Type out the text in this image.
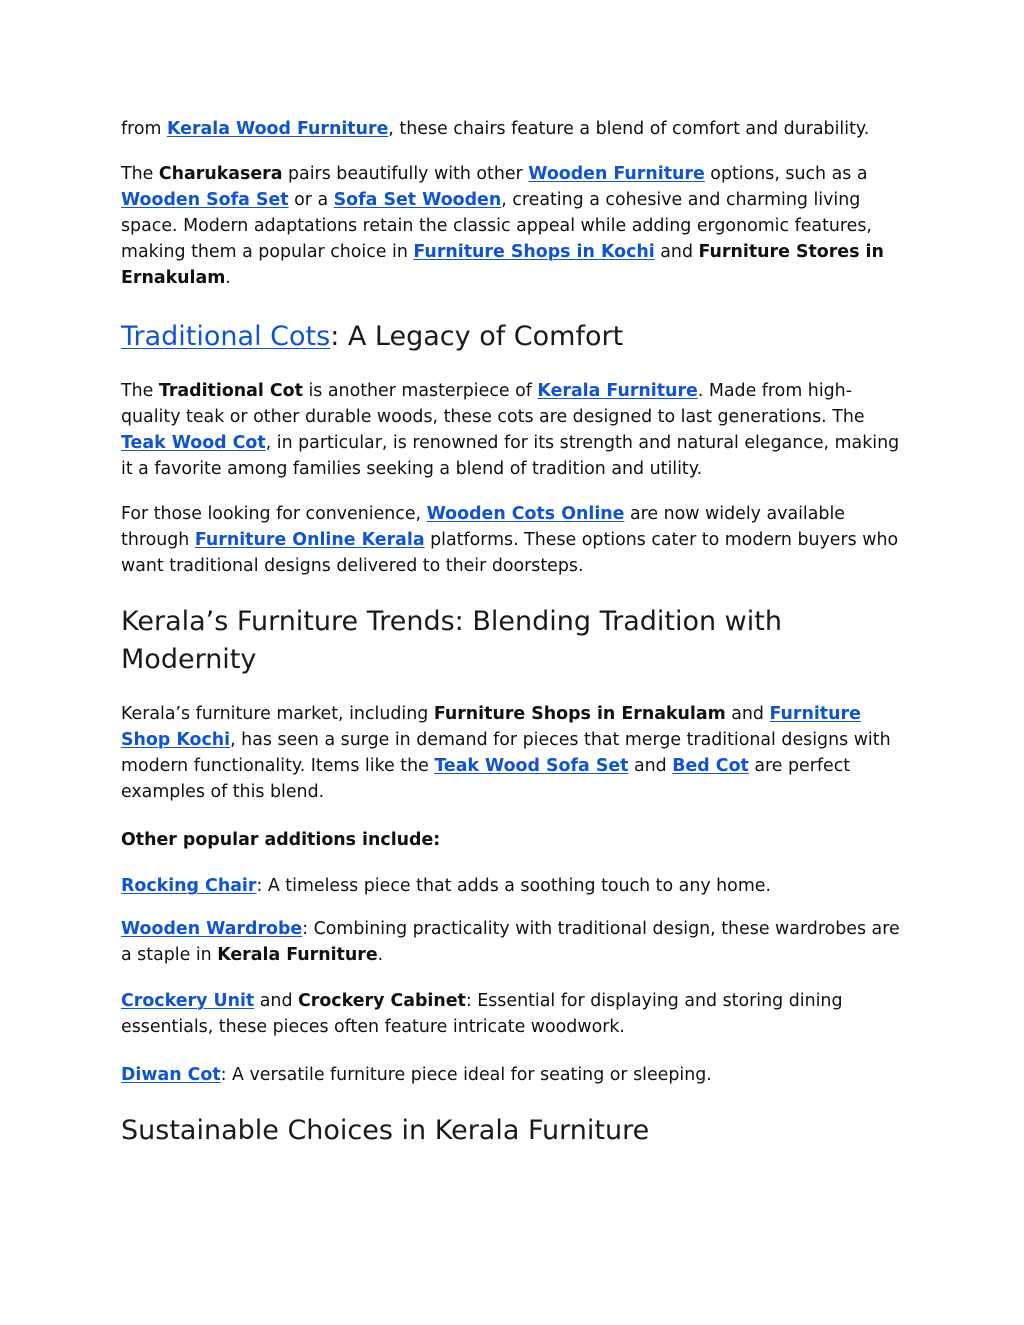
from Kerala Wood Furniture, these chairs feature a blend of comfort and durability.

The Charukasera pairs beautifully with other Wooden Furniture options, such as a Wooden Sofa Set or a Sofa Set Wooden, creating a cohesive and charming living space. Modern adaptations retain the classic appeal while adding ergonomic features, making them a popular choice in Furniture Shops in Kochi and Furniture Stores in Ernakulam.

Traditional Cots: A Legacy of Comfort

The Traditional Cot is another masterpiece of Kerala Furniture. Made from high-quality teak or other durable woods, these cots are designed to last generations. The Teak Wood Cot, in particular, is renowned for its strength and natural elegance, making it a favorite among families seeking a blend of tradition and utility.

For those looking for convenience, Wooden Cots Online are now widely available through Furniture Online Kerala platforms. These options cater to modern buyers who want traditional designs delivered to their doorsteps.

Kerala’s Furniture Trends: Blending Tradition with Modernity

Kerala’s furniture market, including Furniture Shops in Ernakulam and Furniture Shop Kochi, has seen a surge in demand for pieces that merge traditional designs with modern functionality. Items like the Teak Wood Sofa Set and Bed Cot are perfect examples of this blend.

Other popular additions include:

Rocking Chair: A timeless piece that adds a soothing touch to any home.

Wooden Wardrobe: Combining practicality with traditional design, these wardrobes are a staple in Kerala Furniture.

Crockery Unit and Crockery Cabinet: Essential for displaying and storing dining essentials, these pieces often feature intricate woodwork.

Diwan Cot: A versatile furniture piece ideal for seating or sleeping.

Sustainable Choices in Kerala Furniture
